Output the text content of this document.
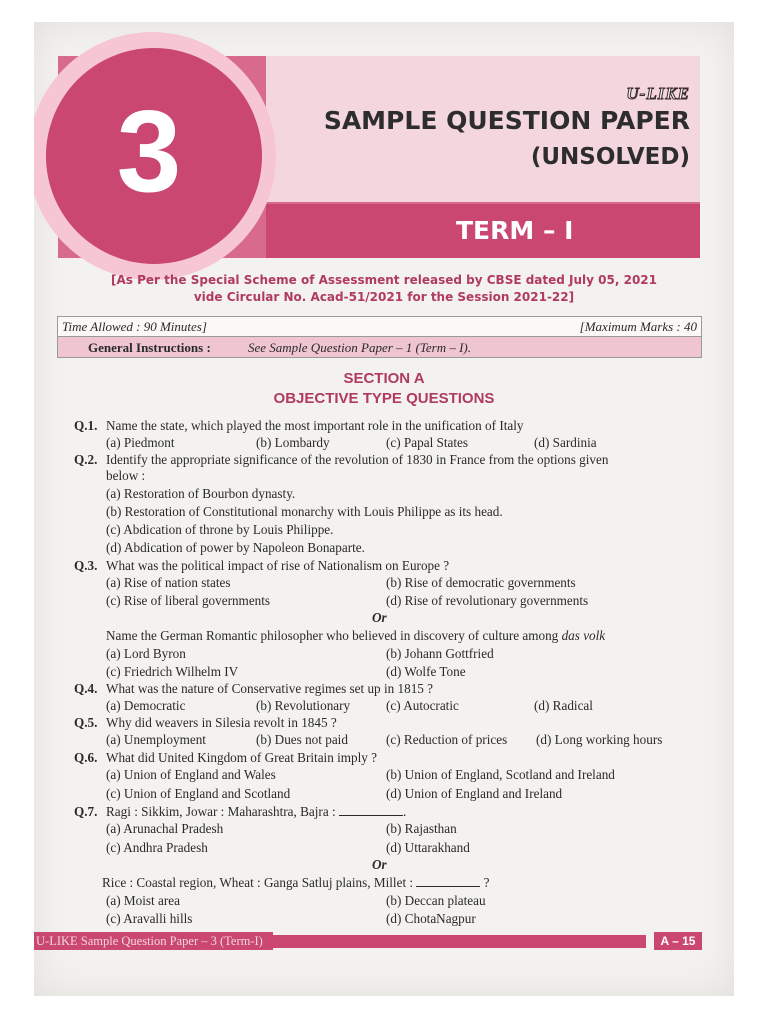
3	U-LIKE
SAMPLE QUESTION PAPER
(UNSOLVED)
TERM – I
[As Per the Special Scheme of Assessment released by CBSE dated July 05, 2021
vide Circular No. Acad-51/2021 for the Session 2021-22]
Time Allowed : 90 Minutes]	[Maximum Marks : 40
General Instructions :	See Sample Question Paper – 1 (Term – I).
SECTION A
OBJECTIVE TYPE QUESTIONS
Q.1. Name the state, which played the most important role in the unification of Italy
(a) Piedmont	(b) Lombardy	(c) Papal States	(d) Sardinia
Q.2. Identify the appropriate significance of the revolution of 1830 in France from the options given
below :
(a) Restoration of Bourbon dynasty.
(b) Restoration of Constitutional monarchy with Louis Philippe as its head.
(c) Abdication of throne by Louis Philippe.
(d) Abdication of power by Napoleon Bonaparte.
Q.3. What was the political impact of rise of Nationalism on Europe ?
(a) Rise of nation states	(b) Rise of democratic governments
(c) Rise of liberal governments	(d) Rise of revolutionary governments
Or
Name the German Romantic philosopher who believed in discovery of culture among das volk
(a) Lord Byron	(b) Johann Gottfried
(c) Friedrich Wilhelm IV	(d) Wolfe Tone
Q.4. What was the nature of Conservative regimes set up in 1815 ?
(a) Democratic	(b) Revolutionary	(c) Autocratic	(d) Radical
Q.5. Why did weavers in Silesia revolt in 1845 ?
(a) Unemployment	(b) Dues not paid	(c) Reduction of prices (d) Long working hours
Q.6. What did United Kingdom of Great Britain imply ?
(a) Union of England and Wales	(b) Union of England, Scotland and Ireland
(c) Union of England and Scotland	(d) Union of England and Ireland
Q.7. Ragi : Sikkim, Jowar : Maharashtra, Bajra :	.
(a) Arunachal Pradesh	(b) Rajasthan
(c) Andhra Pradesh	(d) Uttarakhand
Or
Rice : Coastal region, Wheat : Ganga Satluj plains, Millet :	?
(a) Moist area	(b) Deccan plateau
(c) Aravalli hills	(d) ChotaNagpur
U-LIKE Sample Question Paper – 3 (Term-I)	A – 15
